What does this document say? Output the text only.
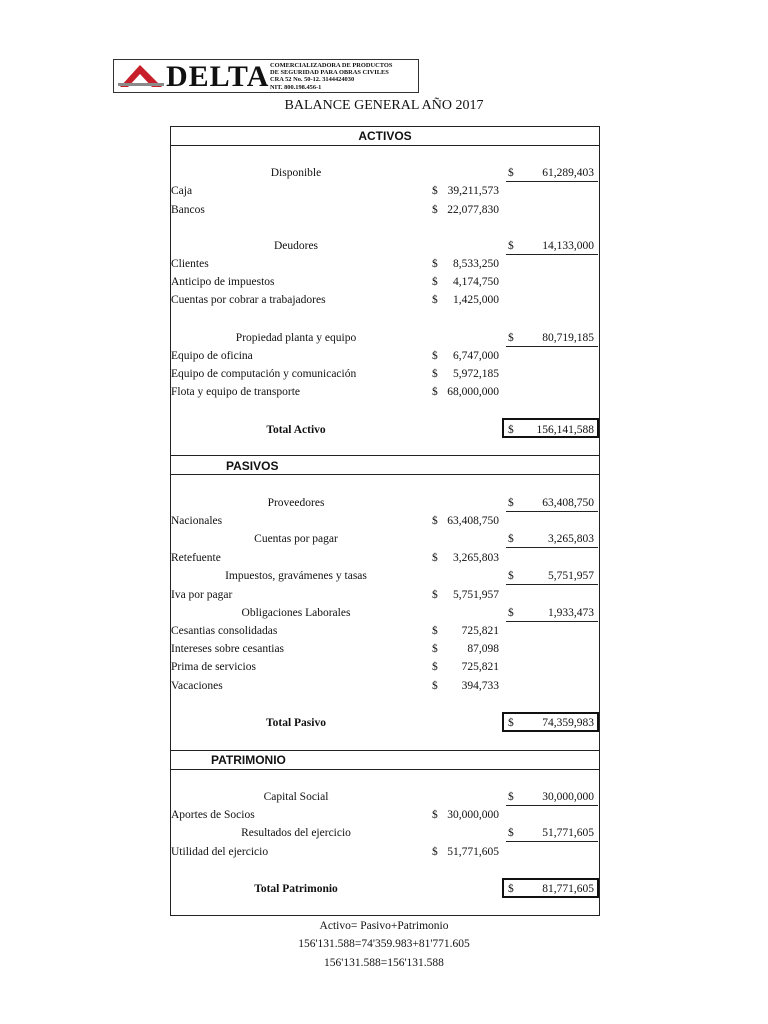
DELTA COMERCIALIZADORA DE PRODUCTOS
DE SEGURIDAD PARA OBRAS CIVILES
CRA 52 No. 50-12. 3144424030
NIT. 800.198.456-1
BALANCE GENERAL AÑO 2017
ACTIVOS
PASIVOS
PATRIMONIO
Disponible	$	61,289,403
Caja	$ 39,211,573
Bancos	$ 22,077,830
Deudores	$	14,133,000
Clientes	$	8,533,250
Anticipo de impuestos	$	4,174,750
Cuentas por cobrar a trabajadores	$	1,425,000
Propiedad planta y equipo	$	80,719,185
Equipo de oficina	$	6,747,000
Equipo de computación y comunicación	$	5,972,185
Flota y equipo de transporte	$ 68,000,000
Total Activo	$	156,141,588
Proveedores	$	63,408,750
Nacionales	$ 63,408,750
Cuentas por pagar	$	3,265,803
Retefuente	$	3,265,803
Impuestos, gravámenes y tasas	$	5,751,957
Iva por pagar	$	5,751,957
Obligaciones Laborales	$	1,933,473
Cesantias consolidadas	$	725,821
Intereses sobre cesantias	$	87,098
Prima de servicios	$	725,821
Vacaciones	$	394,733
Total Pasivo	$	74,359,983
Capital Social	$	30,000,000
Aportes de Socios	$ 30,000,000
Resultados del ejercicio	$	51,771,605
Utilidad del ejercicio	$ 51,771,605
Total Patrimonio	$	81,771,605
Activo= Pasivo+Patrimonio
156'131.588=74'359.983+81'771.605
156'131.588=156'131.588
